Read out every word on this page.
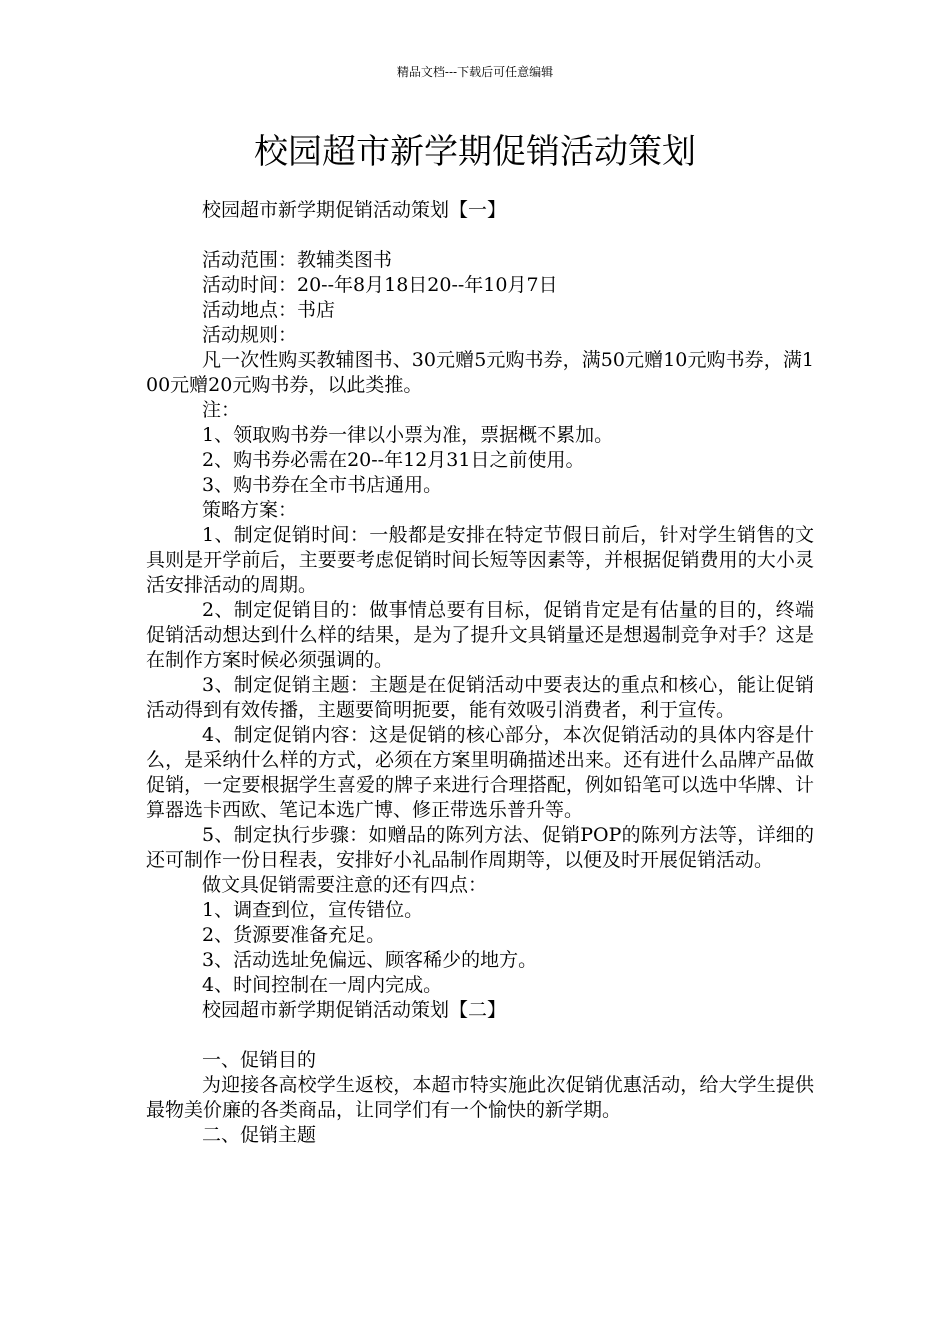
精品文档---下载后可任意编辑
校园超市新学期促销活动策划

校园超市新学期促销活动策划【一】

活动范围：教辅类图书

活动时间：20--年8月18日20--年10月7日

活动地点：书店

活动规则：

凡一次性购买教辅图书、30元赠5元购书券，满50元赠10元购书券，满100元赠20元购书券，以此类推。

注：

1、领取购书券一律以小票为准，票据概不累加。

2、购书券必需在20--年12月31日之前使用。

3、购书券在全市书店通用。

策略方案：

1、制定促销时间：一般都是安排在特定节假日前后，针对学生销售的文具则是开学前后，主要要考虑促销时间长短等因素等，并根据促销费用的大小灵活安排活动的周期。

2、制定促销目的：做事情总要有目标，促销肯定是有估量的目的，终端促销活动想达到什么样的结果，是为了提升文具销量还是想遏制竞争对手？这是在制作方案时候必须强调的。

3、制定促销主题：主题是在促销活动中要表达的重点和核心，能让促销活动得到有效传播，主题要简明扼要，能有效吸引消费者，利于宣传。

4、制定促销内容：这是促销的核心部分，本次促销活动的具体内容是什么，是采纳什么样的方式，必须在方案里明确描述出来。还有进什么品牌产品做促销，一定要根据学生喜爱的牌子来进行合理搭配，例如铅笔可以选中华牌、计算器选卡西欧、笔记本选广博、修正带选乐普升等。

5、制定执行步骤：如赠品的陈列方法、促销POP的陈列方法等，详细的还可制作一份日程表，安排好小礼品制作周期等，以便及时开展促销活动。

做文具促销需要注意的还有四点：

1、调查到位，宣传错位。

2、货源要准备充足。

3、活动选址免偏远、顾客稀少的地方。

4、时间控制在一周内完成。

校园超市新学期促销活动策划【二】

一、促销目的

为迎接各高校学生返校，本超市特实施此次促销优惠活动，给大学生提供最物美价廉的各类商品，让同学们有一个愉快的新学期。

二、促销主题
